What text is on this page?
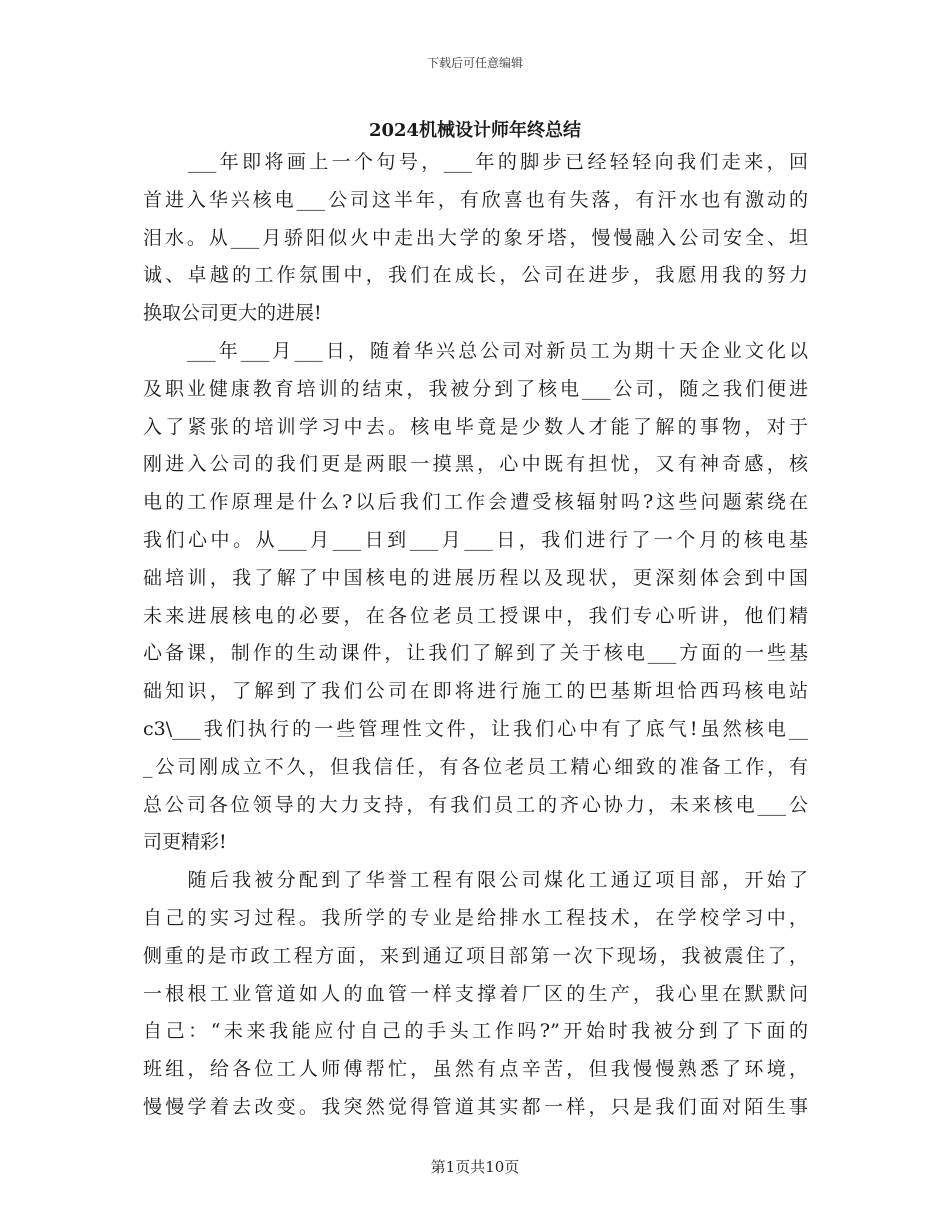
下载后可任意编辑
2024机械设计师年终总结

　　___年即将画上一个句号，___年的脚步已经轻轻向我们走来，回
首进入华兴核电___公司这半年，有欣喜也有失落，有汗水也有激动的
泪水。从___月骄阳似火中走出大学的象牙塔，慢慢融入公司安全、坦
诚、卓越的工作氛围中，我们在成长，公司在进步，我愿用我的努力
换取公司更大的进展!

　　___年___月___日，随着华兴总公司对新员工为期十天企业文化以
及职业健康教育培训的结束，我被分到了核电___公司，随之我们便进
入了紧张的培训学习中去。核电毕竟是少数人才能了解的事物，对于
刚进入公司的我们更是两眼一摸黑，心中既有担忧，又有神奇感，核
电的工作原理是什么?以后我们工作会遭受核辐射吗?这些问题萦绕在
我们心中。从___月___日到___月___日，我们进行了一个月的核电基
础培训，我了解了中国核电的进展历程以及现状，更深刻体会到中国
未来进展核电的必要，在各位老员工授课中，我们专心听讲，他们精
心备课，制作的生动课件，让我们了解到了关于核电___方面的一些基
础知识，了解到了我们公司在即将进行施工的巴基斯坦恰西玛核电站
c3\___我们执行的一些管理性文件，让我们心中有了底气!虽然核电__
_公司刚成立不久，但我信任，有各位老员工精心细致的准备工作，有
总公司各位领导的大力支持，有我们员工的齐心协力，未来核电___公
司更精彩!

　　随后我被分配到了华誉工程有限公司煤化工通辽项目部，开始了
自己的实习过程。我所学的专业是给排水工程技术，在学校学习中，
侧重的是市政工程方面，来到通辽项目部第一次下现场，我被震住了，
一根根工业管道如人的血管一样支撑着厂区的生产，我心里在默默问
自己：“未来我能应付自己的手头工作吗?”开始时我被分到了下面的
班组，给各位工人师傅帮忙，虽然有点辛苦，但我慢慢熟悉了环境，
慢慢学着去改变。我突然觉得管道其实都一样，只是我们面对陌生事

第1页共10页
